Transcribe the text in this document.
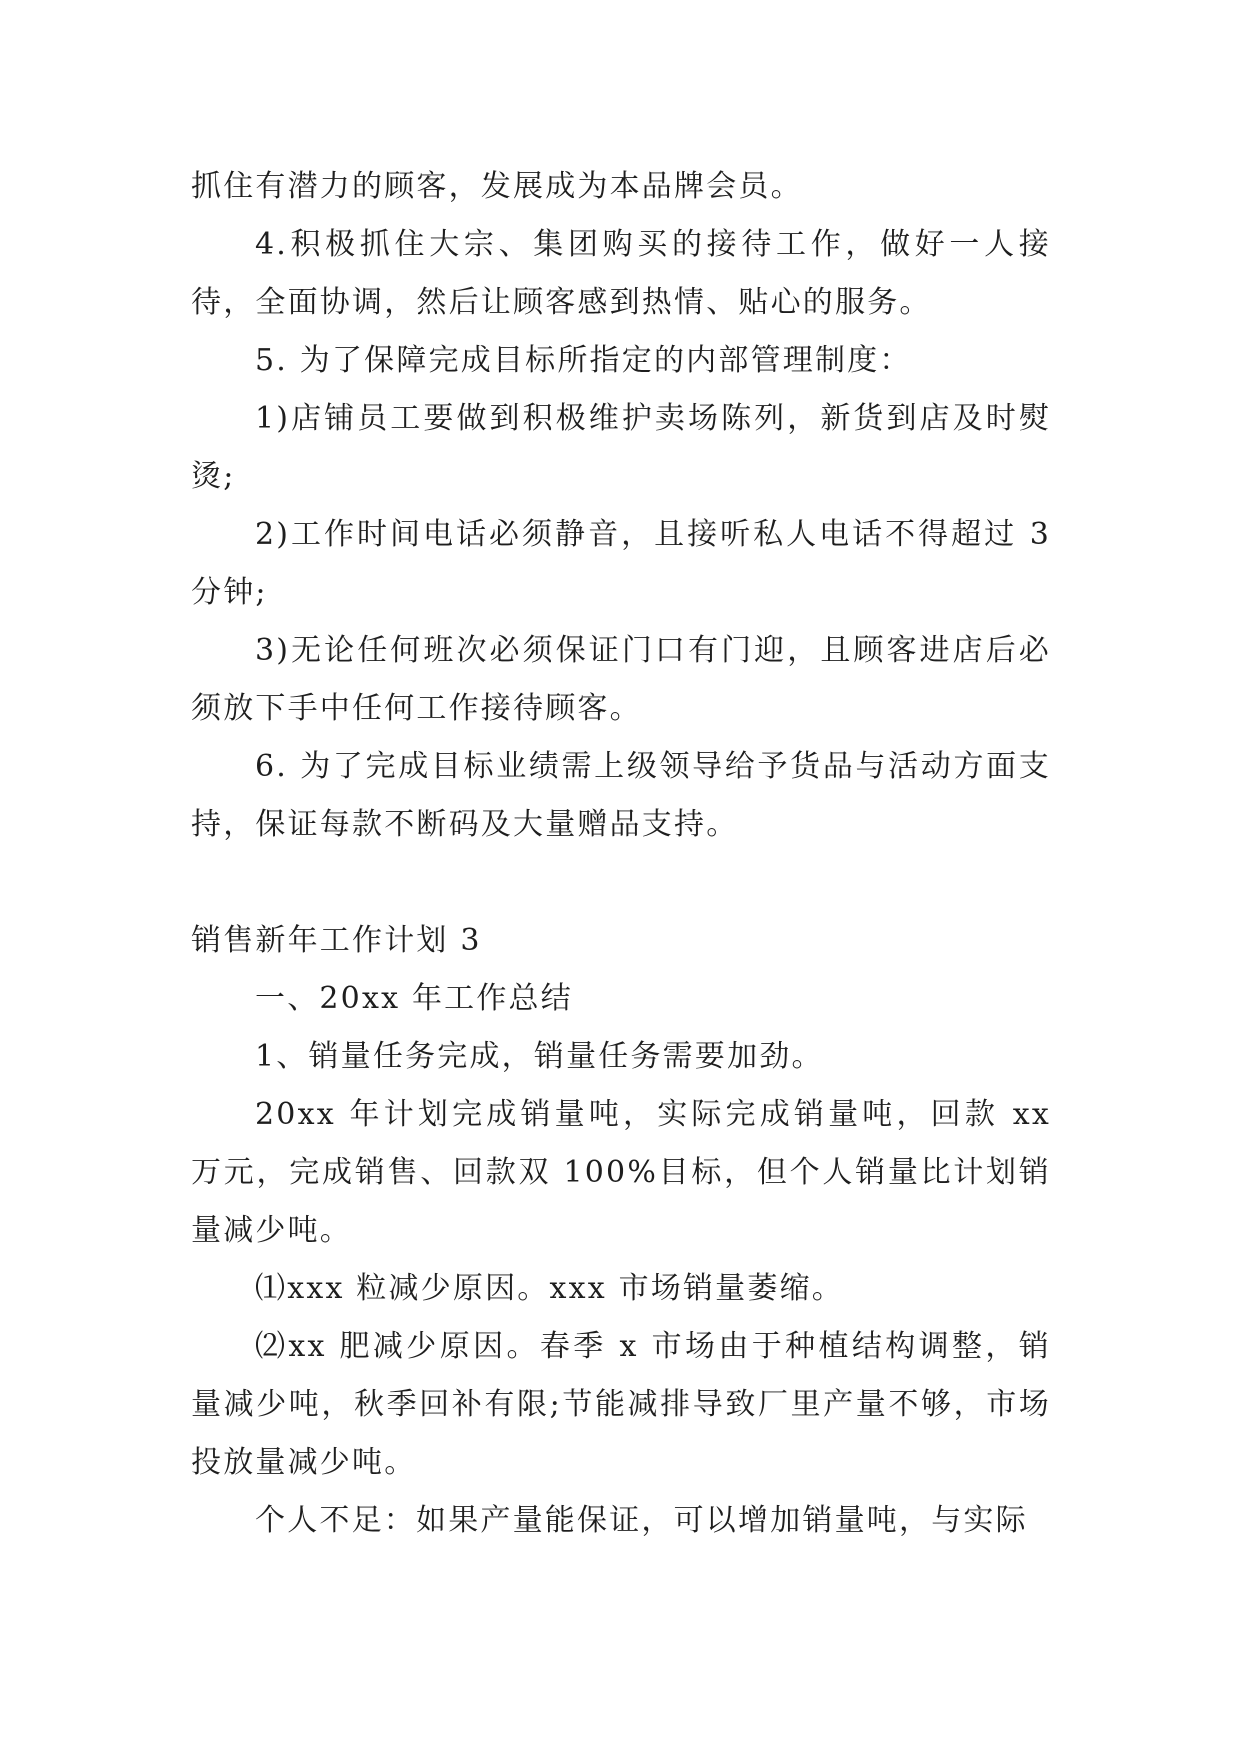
抓住有潜力的顾客，发展成为本品牌会员。

4.积极抓住大宗、集团购买的接待工作，做好一人接待，全面协调，然后让顾客感到热情、贴心的服务。

5. 为了保障完成目标所指定的内部管理制度：

1)店铺员工要做到积极维护卖场陈列，新货到店及时熨烫;

2)工作时间电话必须静音，且接听私人电话不得超过 3 分钟;

3)无论任何班次必须保证门口有门迎，且顾客进店后必须放下手中任何工作接待顾客。

6. 为了完成目标业绩需上级领导给予货品与活动方面支持，保证每款不断码及大量赠品支持。

销售新年工作计划 3

一、20xx 年工作总结

1、销量任务完成，销量任务需要加劲。

20xx 年计划完成销量吨，实际完成销量吨，回款 xx 万元，完成销售、回款双 100%目标，但个人销量比计划销量减少吨。

⑴xxx 粒减少原因。xxx 市场销量萎缩。

⑵xx 肥减少原因。春季 x 市场由于种植结构调整，销量减少吨，秋季回补有限;节能减排导致厂里产量不够，市场投放量减少吨。

个人不足：如果产量能保证，可以增加销量吨，与实际
